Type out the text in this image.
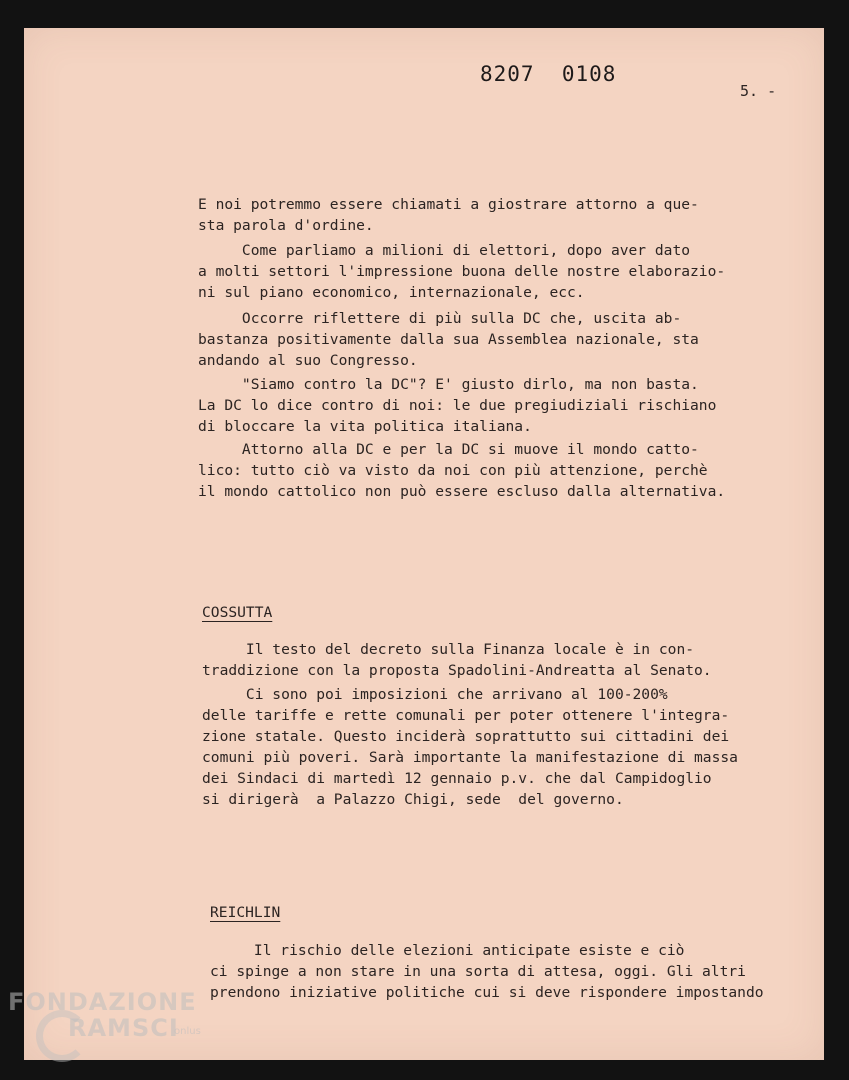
8207  0108
5. -
E noi potremmo essere chiamati a giostrare attorno a que-
sta parola d'ordine.
Come parliamo a milioni di elettori, dopo aver dato
a molti settori l'impressione buona delle nostre elaborazio-
ni sul piano economico, internazionale, ecc.
Occorre riflettere di più sulla DC che, uscita ab-
bastanza positivamente dalla sua Assemblea nazionale, sta
andando al suo Congresso.
"Siamo contro la DC"? E' giusto dirlo, ma non basta.
La DC lo dice contro di noi: le due pregiudiziali rischiano
di bloccare la vita politica italiana.
Attorno alla DC e per la DC si muove il mondo catto-
lico: tutto ciò va visto da noi con più attenzione, perchè
il mondo cattolico non può essere escluso dalla alternativa.
COSSUTTA
Il testo del decreto sulla Finanza locale è in con-
traddizione con la proposta Spadolini-Andreatta al Senato.
Ci sono poi imposizioni che arrivano al 100-200%
delle tariffe e rette comunali per poter ottenere l'integra-
zione statale. Questo inciderà soprattutto sui cittadini dei
comuni più poveri. Sarà importante la manifestazione di massa
dei Sindaci di martedì 12 gennaio p.v. che dal Campidoglio
si dirigerà  a Palazzo Chigi, sede  del governo.
REICHLIN
Il rischio delle elezioni anticipate esiste e ciò
ci spinge a non stare in una sorta di attesa, oggi. Gli altri
prendono iniziative politiche cui si deve rispondere impostando
FONDAZIONE
RAMSCI
onlus
